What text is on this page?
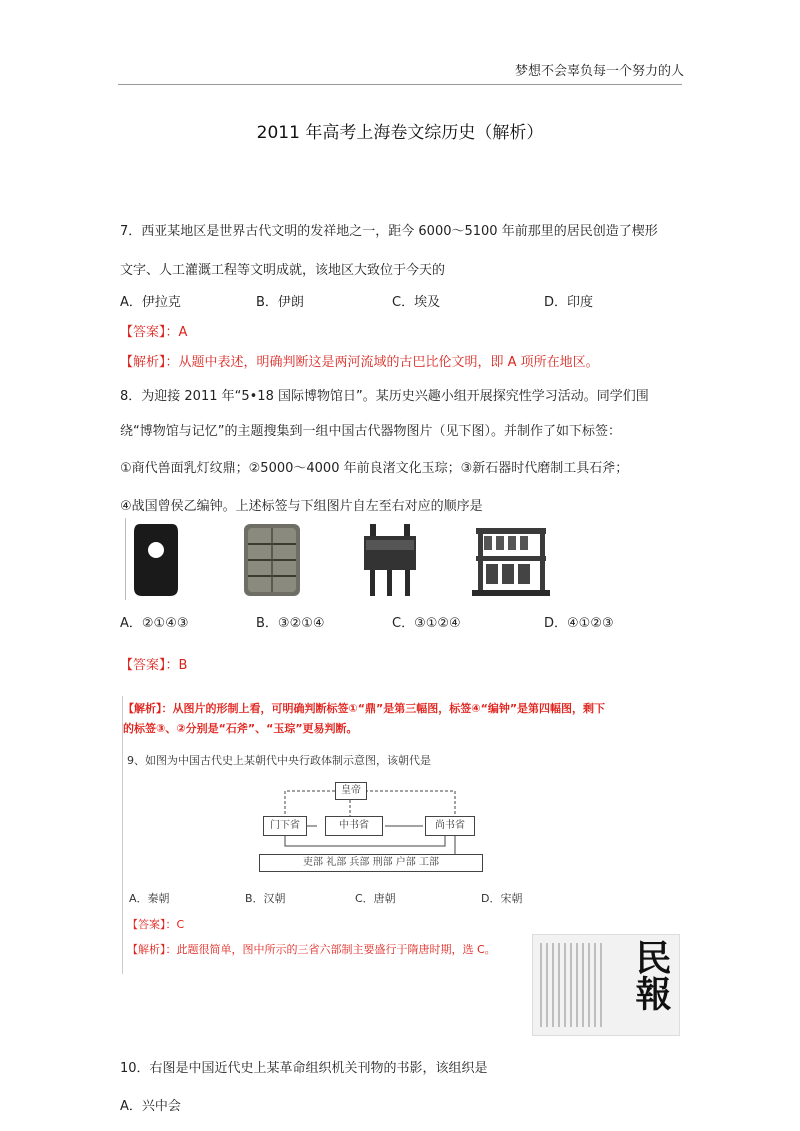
梦想不会辜负每一个努力的人
2011 年高考上海卷文综历史（解析）
7．西亚某地区是世界古代文明的发祥地之一，距今 6000～5100 年前那里的居民创造了楔形
文字、人工灌溉工程等文明成就，该地区大致位于今天的
A．伊拉克	B．伊朗	C．埃及	D．印度
【答案】：A
【解析】：从题中表述，明确判断这是两河流域的古巴比伦文明，即 A 项所在地区。
8．为迎接 2011 年“5•18 国际博物馆日”。某历史兴趣小组开展探究性学习活动。同学们围
绕“博物馆与记忆”的主题搜集到一组中国古代器物图片（见下图）。并制作了如下标签：
①商代兽面乳灯纹鼎；②5000～4000 年前良渚文化玉琮；③新石器时代磨制工具石斧；
④战国曾侯乙编钟。上述标签与下组图片自左至右对应的顺序是
A．②①④③	B．③②①④	C．③①②④	D．④①②③
【答案】：B
【解析】：从图片的形制上看，可明确判断标签①“鼎”是第三幅图，标签④“编钟”是第四幅图，剩下
的标签③、②分别是“石斧”、“玉琮”更易判断。
9、如图为中国古代史上某朝代中央行政体制示意图，该朝代是
皇帝
门下省	中书省	尚书省
吏部 礼部 兵部 刑部 户部 工部
A．秦朝	B．汉朝	C．唐朝	D．宋朝
【答案】：C
【解析】：此题很简单，图中所示的三省六部制主要盛行于隋唐时期，选 C。	民報
10．右图是中国近代史上某革命组织机关刊物的书影，该组织是
A．兴中会
